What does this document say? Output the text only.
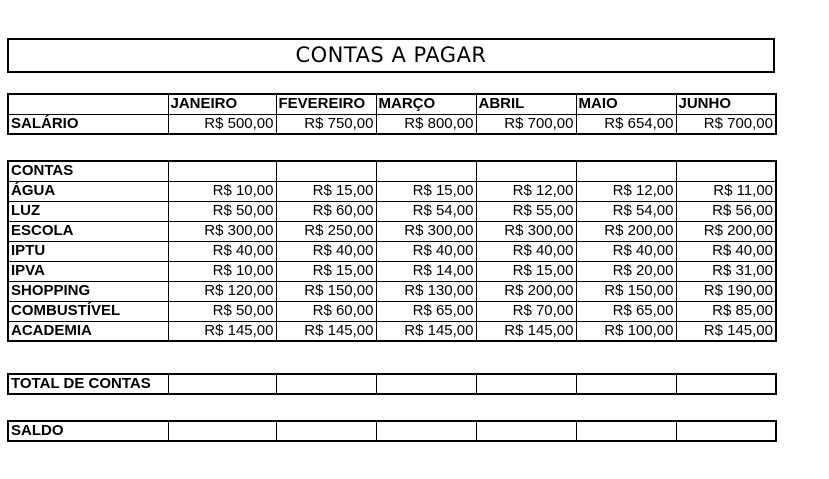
CONTAS A PAGAR
	JANEIRO	FEVEREIRO	MARÇO	ABRIL	MAIO	JUNHO
SALÁRIO	R$ 500,00	R$ 750,00	R$ 800,00	R$ 700,00	R$ 654,00	R$ 700,00
CONTAS						
ÁGUA	R$ 10,00	R$ 15,00	R$ 15,00	R$ 12,00	R$ 12,00	R$ 11,00
LUZ	R$ 50,00	R$ 60,00	R$ 54,00	R$ 55,00	R$ 54,00	R$ 56,00
ESCOLA	R$ 300,00	R$ 250,00	R$ 300,00	R$ 300,00	R$ 200,00	R$ 200,00
IPTU	R$ 40,00	R$ 40,00	R$ 40,00	R$ 40,00	R$ 40,00	R$ 40,00
IPVA	R$ 10,00	R$ 15,00	R$ 14,00	R$ 15,00	R$ 20,00	R$ 31,00
SHOPPING	R$ 120,00	R$ 150,00	R$ 130,00	R$ 200,00	R$ 150,00	R$ 190,00
COMBUSTÍVEL	R$ 50,00	R$ 60,00	R$ 65,00	R$ 70,00	R$ 65,00	R$ 85,00
ACADEMIA	R$ 145,00	R$ 145,00	R$ 145,00	R$ 145,00	R$ 100,00	R$ 145,00
TOTAL DE CONTAS						
SALDO						
